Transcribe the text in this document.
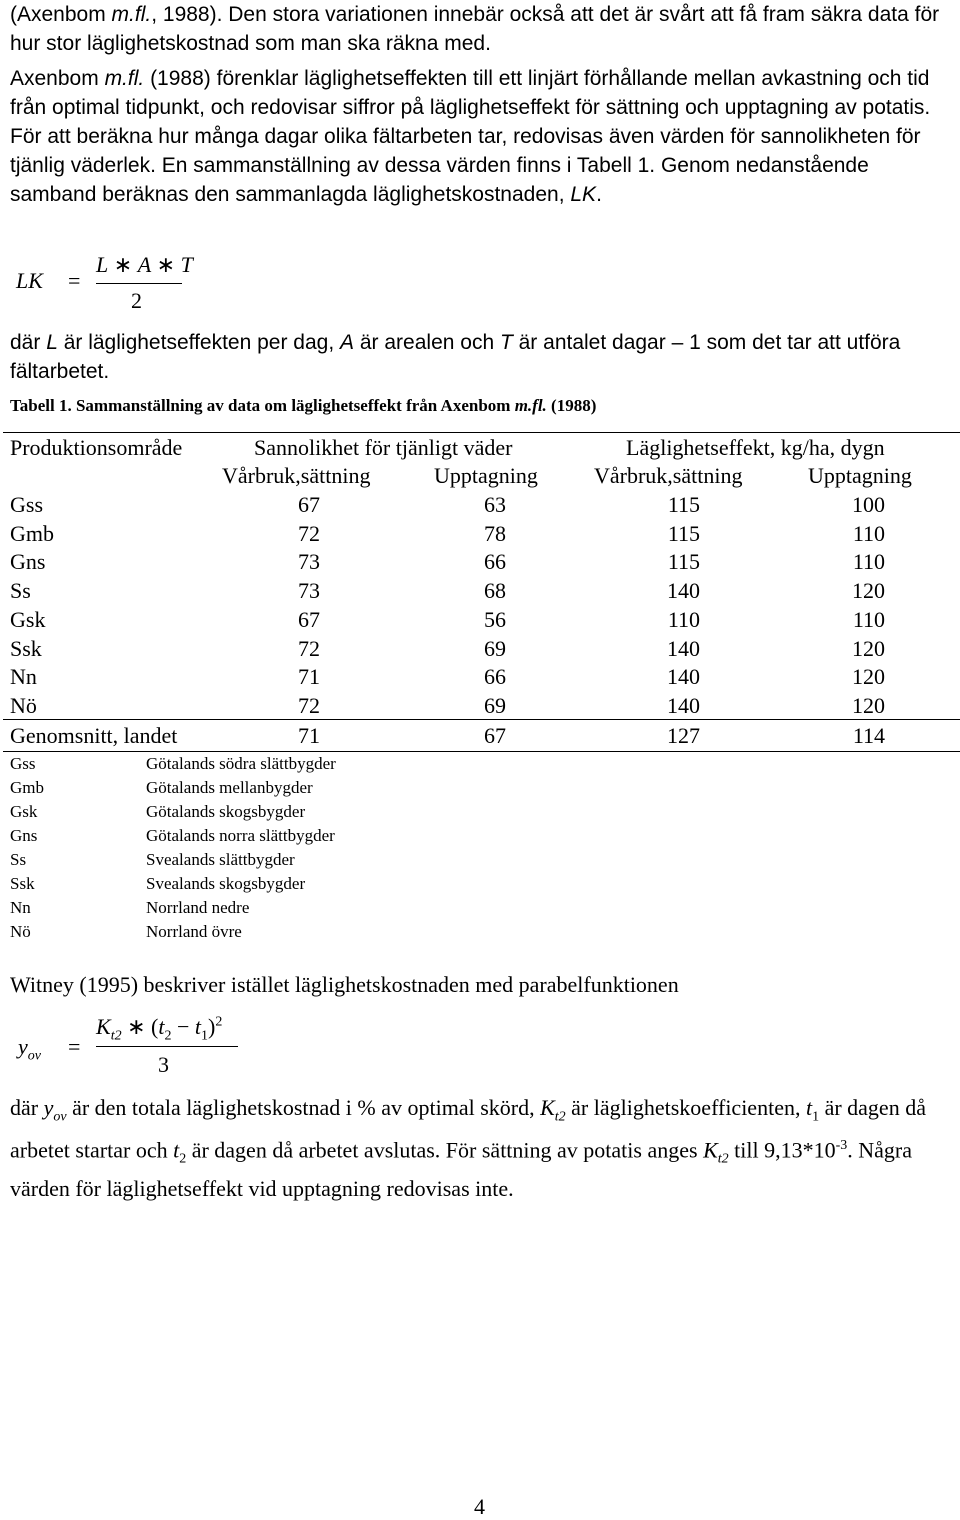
(Axenbom m.fl., 1988). Den stora variationen innebär också att det är svårt att få fram säkra data för hur stor läglighetskostnad som man ska räkna med.

Axenbom m.fl. (1988) förenklar läglighetseffekten till ett linjärt förhållande mellan avkastning och tid från optimal tidpunkt, och redovisar siffror på läglighetseffekt för sättning och upptagning av potatis. För att beräkna hur många dagar olika fältarbeten tar, redovisas även värden för sannolikheten för tjänlig väderlek. En sammanställning av dessa värden finns i Tabell 1. Genom nedanstående samband beräknas den sammanlagda läglighetskostnaden, LK.

LK =
L ∗ A ∗ T
2

där L är läglighetseffekten per dag, A är arealen och T är antalet dagar – 1 som det tar att utföra fältarbetet.

Tabell 1. Sammanställning av data om läglighetseffekt från Axenbom m.fl. (1988)
Produktionsområde	Sannolikhet för tjänligt väder	Läglighetseffekt, kg/ha, dygn
Vårbruk,sättning	Upptagning	Vårbruk,sättning	Upptagning
Gss	67	63	115	100
Gmb	72	78	115	110
Gns	73	66	115	110
Ss	73	68	140	120
Gsk	67	56	110	110
Ssk	72	69	140	120
Nn	71	66	140	120
Nö	72	69	140	120
Genomsnitt, landet	71	67	127	114
Gss	Götalands södra slättbygder
Gmb	Götalands mellanbygder
Gsk	Götalands skogsbygder
Gns	Götalands norra slättbygder
Ss	Svealands slättbygder
Ssk	Svealands skogsbygder
Nn	Norrland nedre
Nö	Norrland övre

Witney (1995) beskriver istället läglighetskostnaden med parabelfunktionen

$y_{ov}$ =
$K_{t2}$ ∗ $(t_2 - t_1)^2$
3

där $y_{ov}$ är den totala läglighetskostnad i % av optimal skörd, $K_{t2}$ är läglighetskoefficienten, $t_1$ är dagen då arbetet startar och $t_2$ är dagen då arbetet avslutas. För sättning av potatis anges $K_{t2}$ till $9,13*10^{-3}$. Några värden för läglighetseffekt vid upptagning redovisas inte.

4
